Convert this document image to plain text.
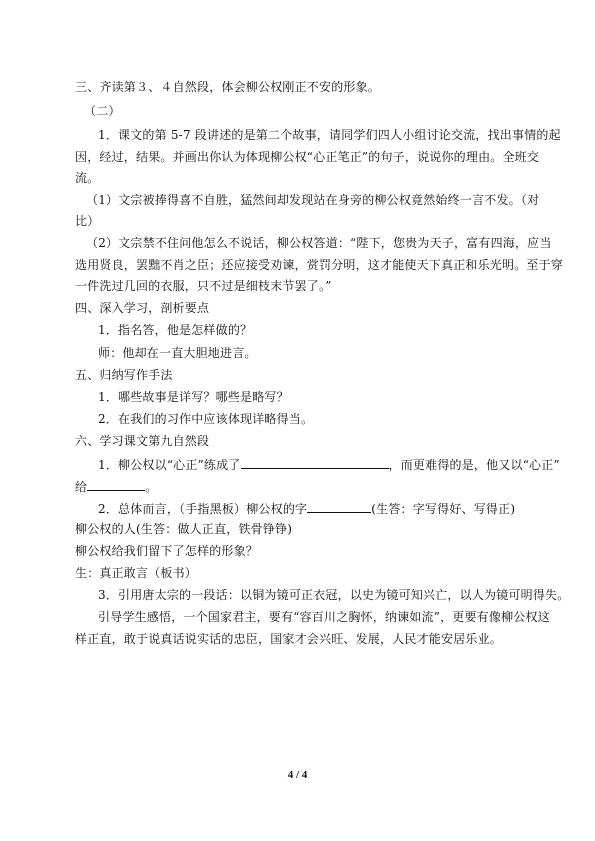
三、齐读第３、４自然段，体会柳公权刚正不安的形象。
（二）
1．课文的第 5-7 段讲述的是第二个故事，请同学们四人小组讨论交流，找出事情的起
因，经过，结果。并画出你认为体现柳公权“心正笔正”的句子，说说你的理由。全班交
流。
（1）文宗被捧得喜不自胜，猛然间却发现站在身旁的柳公权竟然始终一言不发。（对
比）
（2）文宗禁不住问他怎么不说话，柳公权答道：“陛下，您贵为天子，富有四海，应当
选用贤良，罢黜不肖之臣；还应接受劝谏，赏罚分明，这才能使天下真正和乐光明。至于穿
一件洗过几回的衣服，只不过是细枝末节罢了。”
四、深入学习，剖析要点
1．指名答，他是怎样做的？
师：他却在一直大胆地进言。
五、归纳写作手法
1．哪些故事是详写？哪些是略写？
2．在我们的习作中应该体现详略得当。
六、学习课文第九自然段
1．柳公权以“心正”练成了	，而更难得的是，他又以“心正”
给	。
2．总体而言，（手指黑板）柳公权的字	(生答：字写得好、写得正)
柳公权的人(生答：做人正直，铁骨铮铮)
柳公权给我们留下了怎样的形象？
生：真正敢言（板书）
3．引用唐太宗的一段话：以铜为镜可正衣冠，以史为镜可知兴亡，以人为镜可明得失。
引导学生感悟，一个国家君主，要有“容百川之胸怀，纳谏如流”，更要有像柳公权这
样正直，敢于说真话说实话的忠臣，国家才会兴旺、发展，人民才能安居乐业。
4 / 4
